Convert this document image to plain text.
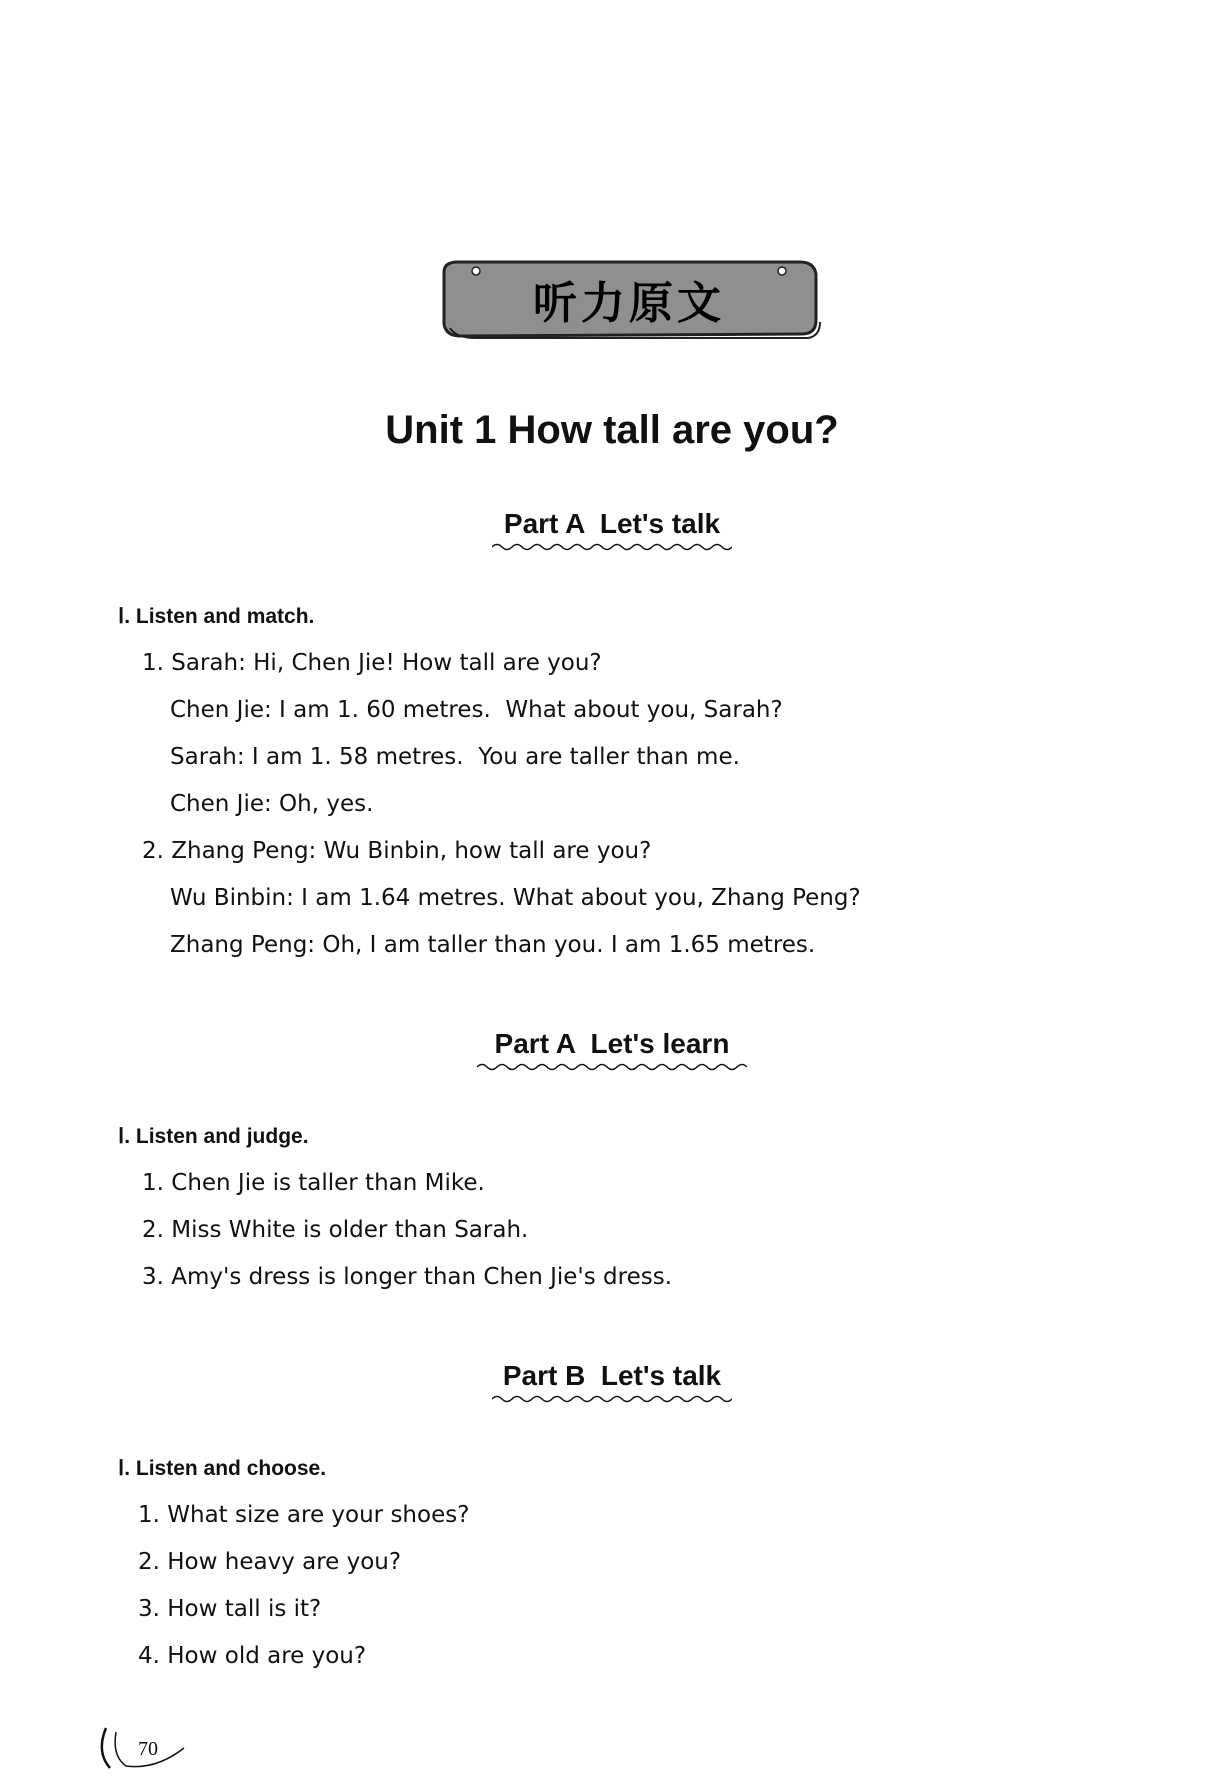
听力原文
Unit 1 How tall are you?
Part A  Let's talk
Ⅰ. Listen and match.
1. Sarah: Hi, Chen Jie! How tall are you?
Chen Jie: I am 1. 60 metres.  What about you, Sarah?
Sarah: I am 1. 58 metres.  You are taller than me.
Chen Jie: Oh, yes.
2. Zhang Peng: Wu Binbin, how tall are you?
Wu Binbin: I am 1.64 metres. What about you, Zhang Peng?
Zhang Peng: Oh, I am taller than you. I am 1.65 metres.
Part A  Let's learn
Ⅰ. Listen and judge.
1. Chen Jie is taller than Mike.
2. Miss White is older than Sarah.
3. Amy's dress is longer than Chen Jie's dress.
Part B  Let's talk
Ⅰ. Listen and choose.
1. What size are your shoes?
2. How heavy are you?
3. How tall is it?
4. How old are you?
70
